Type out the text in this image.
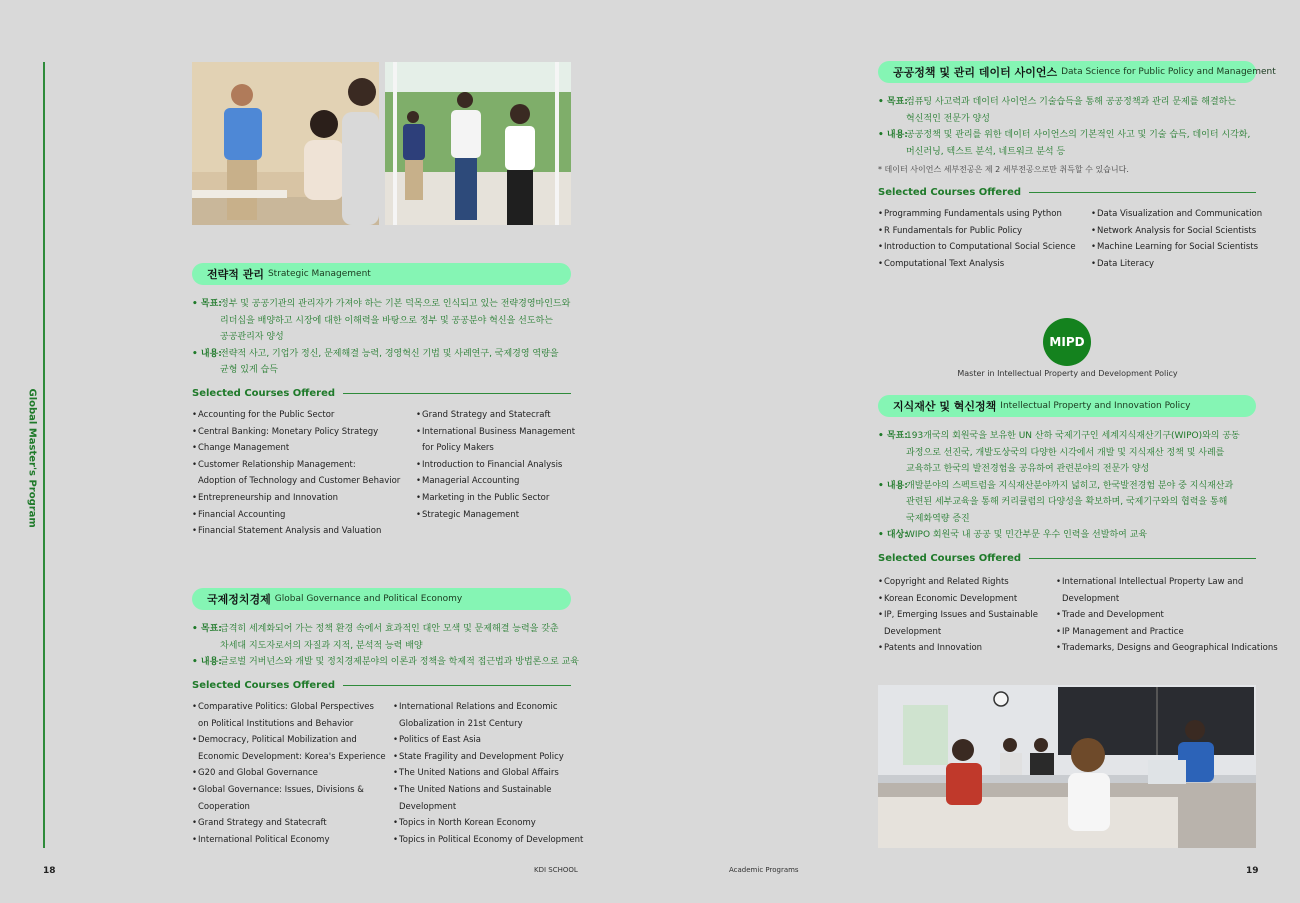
Global Master's Program
전략적 관리 Strategic Management
• 목표:
정부 및 공공기관의 관리자가 가져야 하는 기본 덕목으로 인식되고 있는 전략경영마인드와
리더십을 배양하고 시장에 대한 이해력을 바탕으로 정부 및 공공분야 혁신을 선도하는
공공관리자 양성
• 내용:
전략적 사고, 기업가 정신, 문제해결 능력, 경영혁신 기법 및 사례연구, 국제경영 역량을
균형 있게 습득
Selected Courses Offered
• Accounting for the Public Sector
• Central Banking: Monetary Policy Strategy
• Change Management
• Customer Relationship Management:
Adoption of Technology and Customer Behavior
• Entrepreneurship and Innovation
• Financial Accounting
• Financial Statement Analysis and Valuation
• Grand Strategy and Statecraft
• International Business Management
for Policy Makers
• Introduction to Financial Analysis
• Managerial Accounting
• Marketing in the Public Sector
• Strategic Management
국제정치경제 Global Governance and Political Economy
• 목표:
급격히 세계화되어 가는 정책 환경 속에서 효과적인 대안 모색 및 문제해결 능력을 갖춘
차세대 지도자로서의 자질과 지적, 분석적 능력 배양
• 내용:
글로벌 거버넌스와 개발 및 정치경제분야의 이론과 정책을 학제적 접근법과 방법론으로 교육
Selected Courses Offered
• Comparative Politics: Global Perspectives
on Political Institutions and Behavior
• Democracy, Political Mobilization and
Economic Development: Korea's Experience
• G20 and Global Governance
• Global Governance: Issues, Divisions &
Cooperation
• Grand Strategy and Statecraft
• International Political Economy
• International Relations and Economic
Globalization in 21st Century
• Politics of East Asia
• State Fragility and Development Policy
• The United Nations and Global Affairs
• The United Nations and Sustainable
Development
• Topics in North Korean Economy
• Topics in Political Economy of Development
18	KDI SCHOOL	Academic Programs	19
공공정책 및 관리 데이터 사이언스 Data Science for Public Policy and Management
• 목표:
컴퓨팅 사고력과 데이터 사이언스 기술습득을 통해 공공정책과 관리 문제를 해결하는
혁신적인 전문가 양성
• 내용:
공공정책 및 관리를 위한 데이터 사이언스의 기본적인 사고 및 기술 습득, 데이터 시각화,
머신러닝, 텍스트 분석, 네트워크 분석 등
* 데이터 사이언스 세부전공은 제 2 세부전공으로만 취득할 수 있습니다.
Selected Courses Offered
• Programming Fundamentals using Python
• R Fundamentals for Public Policy
• Introduction to Computational Social Science
• Computational Text Analysis
• Data Visualization and Communication
• Network Analysis for Social Scientists
• Machine Learning for Social Scientists
• Data Literacy
MIPD
Master in Intellectual Property and Development Policy
지식재산 및 혁신정책 Intellectual Property and Innovation Policy
• 목표:
193개국의 회원국을 보유한 UN 산하 국제기구인 세계지식재산기구(WIPO)와의 공동
과정으로 선진국, 개발도상국의 다양한 시각에서 개발 및 지식재산 정책 및 사례를
교육하고 한국의 발전경험을 공유하여 관련분야의 전문가 양성
• 내용:
개발분야의 스펙트럼을 지식재산분야까지 넓히고, 한국발전경험 분야 중 지식재산과
관련된 세부교육을 통해 커리큘럼의 다양성을 확보하며, 국제기구와의 협력을 통해
국제화역량 증진
• 대상:
WIPO 회원국 내 공공 및 민간부문 우수 인력을 선발하여 교육
Selected Courses Offered
• Copyright and Related Rights
• Korean Economic Development
• IP, Emerging Issues and Sustainable
Development
• Patents and Innovation
• International Intellectual Property Law and
Development
• Trade and Development
• IP Management and Practice
• Trademarks, Designs and Geographical Indications
